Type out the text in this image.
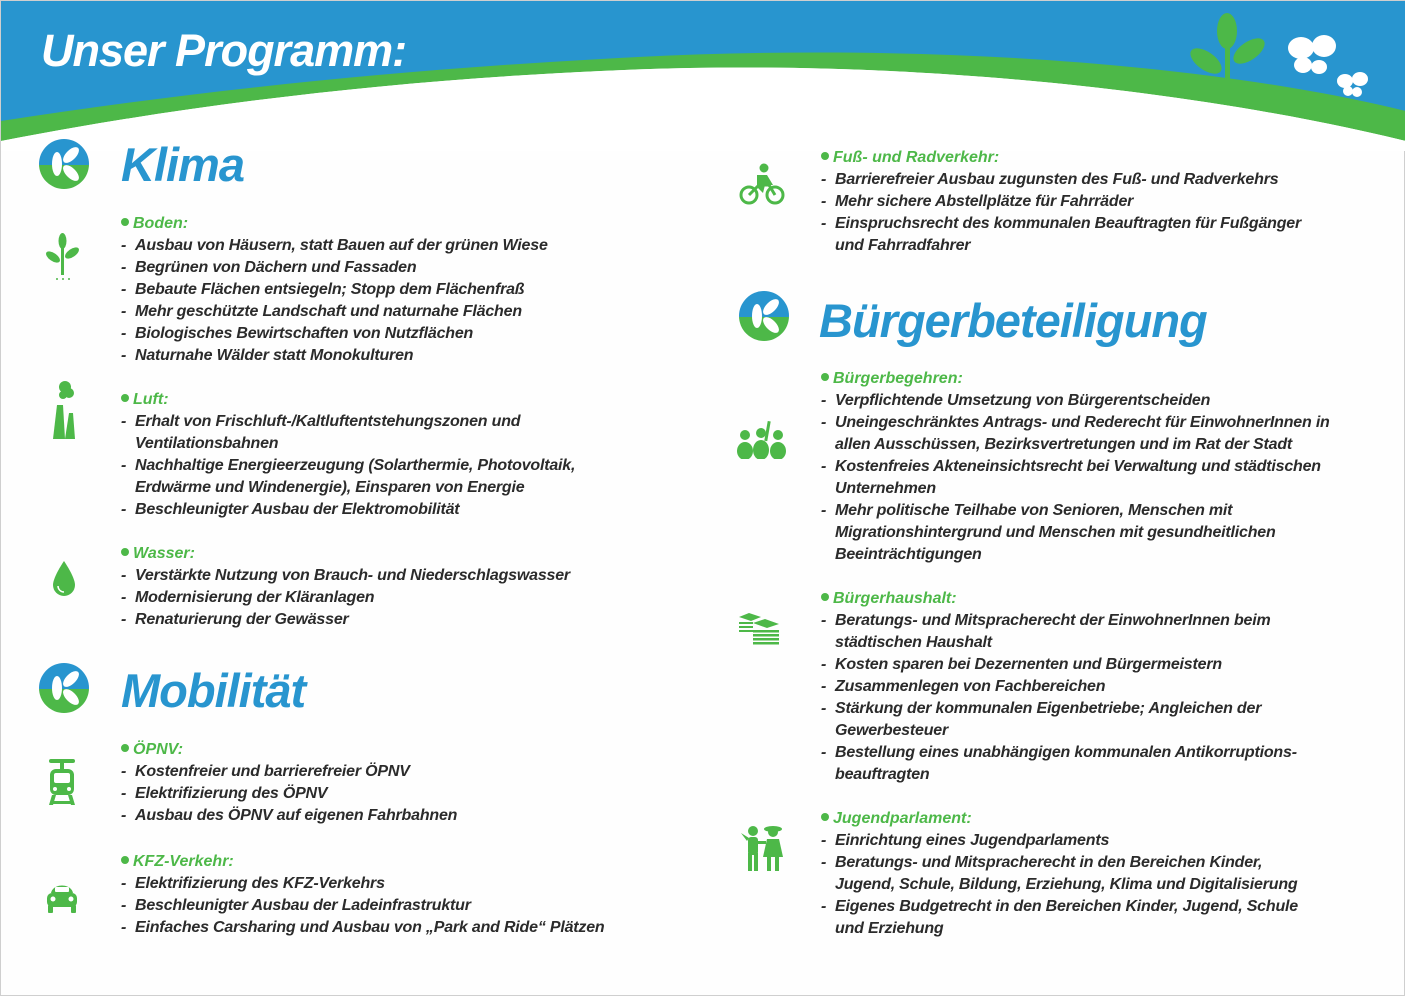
Unser Programm:
Klima

Boden:

- Ausbau von Häusern, statt Bauen auf der grünen Wiese
- Begrünen von Dächern und Fassaden
- Bebaute Flächen entsiegeln; Stopp dem Flächenfraß
- Mehr geschützte Landschaft und naturnahe Flächen
- Biologisches Bewirtschaften von Nutzflächen
- Naturnahe Wälder statt Monokulturen

Luft:

- Erhalt von Frischluft-/Kaltluftentstehungszonen und Ventilationsbahnen
- Nachhaltige Energieerzeugung (Solarthermie, Photovoltaik, Erdwärme und Windenergie), Einsparen von Energie
- Beschleunigter Ausbau der Elektromobilität

Wasser:

- Verstärkte Nutzung von Brauch- und Niederschlagswasser
- Modernisierung der Kläranlagen
- Renaturierung der Gewässer
Mobilität

ÖPNV:

- Kostenfreier und barrierefreier ÖPNV
- Elektrifizierung des ÖPNV
- Ausbau des ÖPNV auf eigenen Fahrbahnen

KFZ-Verkehr:

- Elektrifizierung des KFZ-Verkehrs
- Beschleunigter Ausbau der Ladeinfrastruktur
- Einfaches Carsharing und Ausbau von „Park and Ride“ Plätzen

Fuß- und Radverkehr:

- Barrierefreier Ausbau zugunsten des Fuß- und Radverkehrs
- Mehr sichere Abstellplätze für Fahrräder
- Einspruchsrecht des kommunalen Beauftragten für Fußgänger und Fahrradfahrer
Bürgerbeteiligung

Bürgerbegehren:

- Verpflichtende Umsetzung von Bürgerentscheiden
- Uneingeschränktes Antrags- und Rederecht für EinwohnerInnen in allen Ausschüssen, Bezirksvertretungen und im Rat der Stadt
- Kostenfreies Akteneinsichtsrecht bei Verwaltung und städtischen Unternehmen
- Mehr politische Teilhabe von Senioren, Menschen mit Migrationshintergrund und Menschen mit gesundheitlichen Beeinträchtigungen

Bürgerhaushalt:

- Beratungs- und Mitspracherecht der EinwohnerInnen beim städtischen Haushalt
- Kosten sparen bei Dezernenten und Bürgermeistern
- Zusammenlegen von Fachbereichen
- Stärkung der kommunalen Eigenbetriebe; Angleichen der Gewerbesteuer
- Bestellung eines unabhängigen kommunalen Antikorruptions-beauftragten

Jugendparlament:

- Einrichtung eines Jugendparlaments
- Beratungs- und Mitspracherecht in den Bereichen Kinder, Jugend, Schule, Bildung, Erziehung, Klima und Digitalisierung
- Eigenes Budgetrecht in den Bereichen Kinder, Jugend, Schule und Erziehung
